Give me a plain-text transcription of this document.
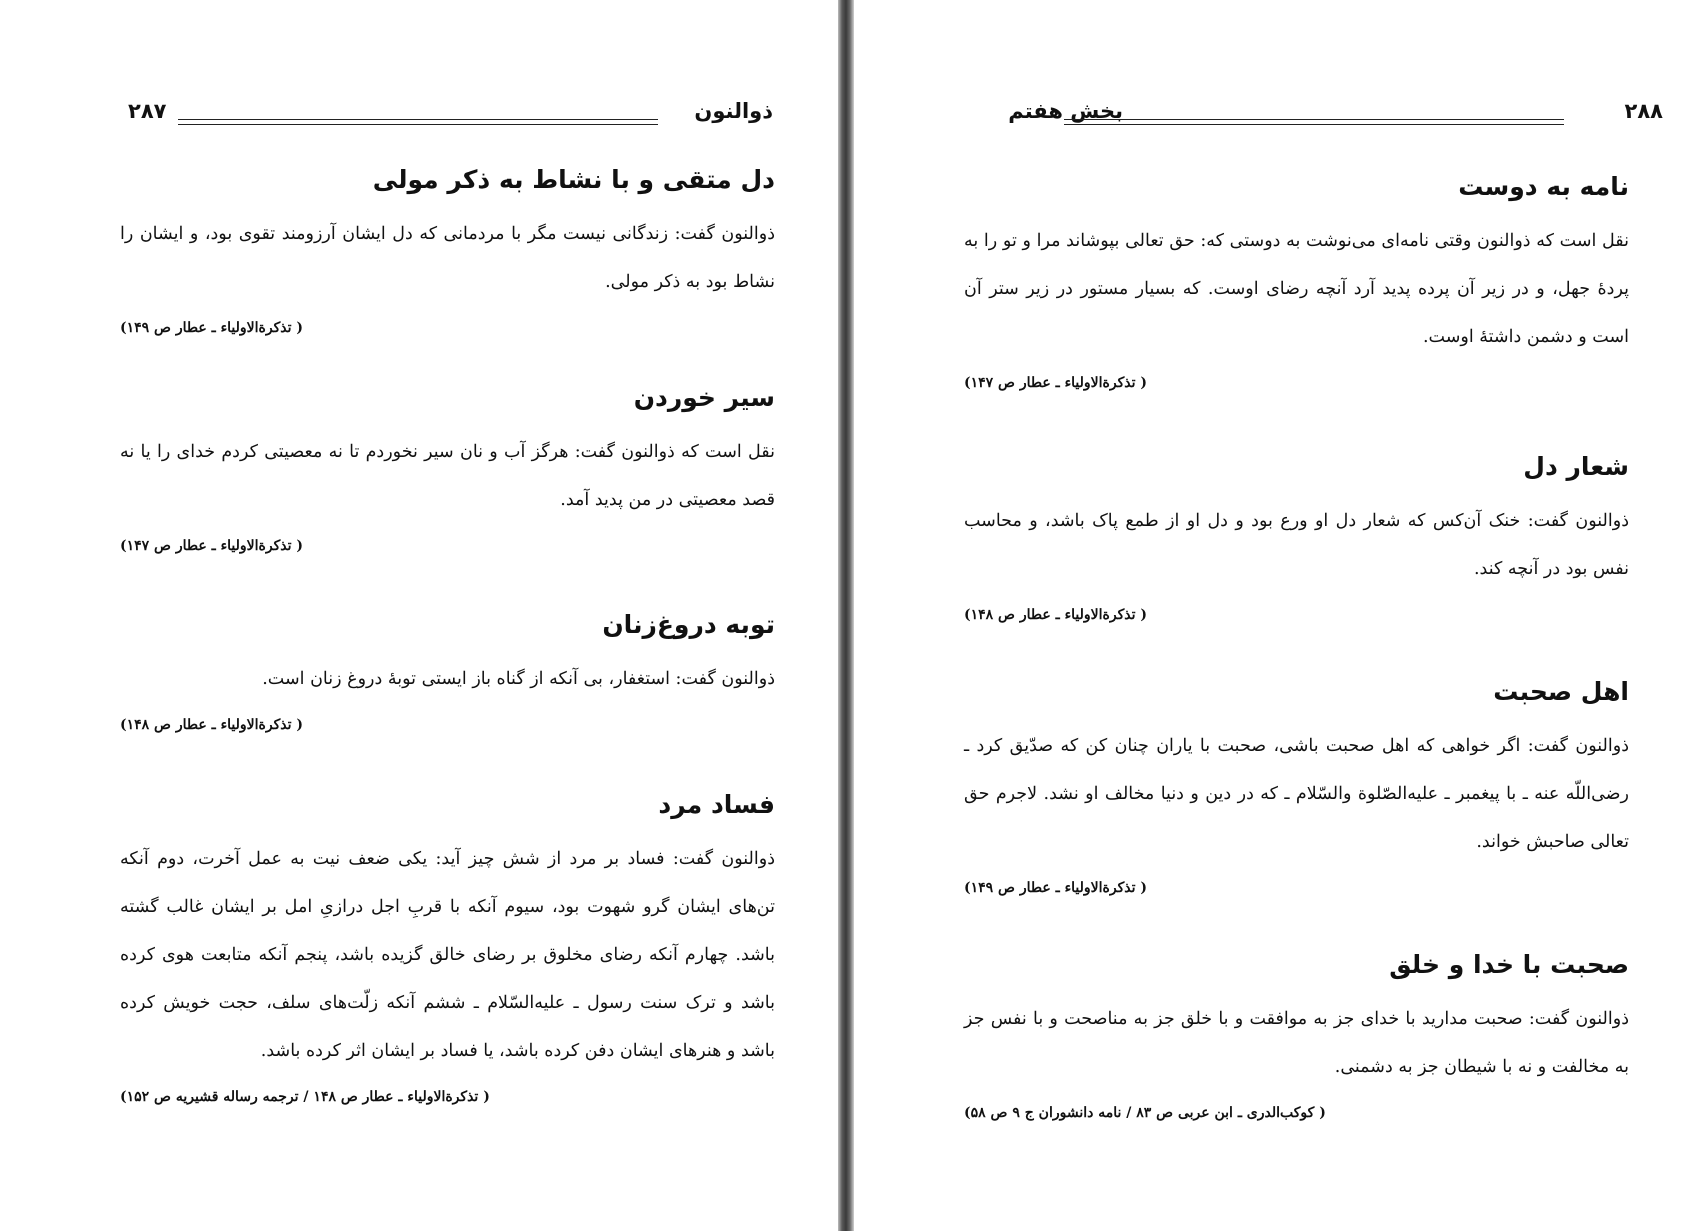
ذوالنون
۲۸۷
دل متقی و با نشاط به ذکر مولی

ذوالنون گفت: زندگانی نیست مگر با مردمانی که دل ایشان آرزومند تقوی بود، و ایشان را نشاط بود به ذکر مولی.

( تذکرةالاولیاء ـ عطار ص ۱۴۹)
سیر خوردن

نقل است که ذوالنون گفت: هرگز آب و نان سیر نخوردم تا نه معصیتی کردم خدای را یا نه قصد معصیتی در من پدید آمد.

( تذکرةالاولیاء ـ عطار ص ۱۴۷)
توبه دروغ‌زنان

ذوالنون گفت: استغفار، بی آنکه از گناه باز ایستی توبهٔ دروغ زنان است.

( تذکرةالاولیاء ـ عطار ص ۱۴۸)
فساد مرد

ذوالنون گفت: فساد بر مرد از شش چیز آید: یکی ضعف نیت به عمل آخرت، دوم آنکه تن‌های ایشان گرو شهوت بود، سیوم آنکه با قربِ اجل درازیِ امل بر ایشان غالب گشته باشد. چهارم آنکه رضای مخلوق بر رضای خالق گزیده باشد، پنجم آنکه متابعت هوی کرده باشد و ترک سنت رسول ـ علیه‌السّلام ـ ششم آنکه زلّت‌های سلف، حجت خویش کرده باشد و هنرهای ایشان دفن کرده باشد، یا فساد بر ایشان اثر کرده باشد.

( تذکرةالاولیاء ـ عطار ص ۱۴۸ / ترجمه رساله قشیریه ص ۱۵۲)
بخش هفتم	۲۸۸
نامه به دوست

نقل است که ذوالنون وقتی نامه‌ای می‌نوشت به دوستی که: حق تعالی بپوشاند مرا و تو را به پردهٔ جهل، و در زیر آن پرده پدید آرد آنچه رضای اوست. که بسیار مستور در زیر ستر آن است و دشمن داشتهٔ اوست.

( تذکرةالاولیاء ـ عطار ص ۱۴۷)
شعار دل

ذوالنون گفت: خنک آن‌کس که شعار دل او ورع بود و دل او از طمع پاک باشد، و محاسب نفس بود در آنچه کند.

( تذکرةالاولیاء ـ عطار ص ۱۴۸)
اهل صحبت

ذوالنون گفت: اگر خواهی که اهل صحبت باشی، صحبت با یاران چنان کن که صدّیق کرد ـ رضی‌اللّه عنه ـ با پیغمبر ـ علیه‌الصّلوة والسّلام ـ که در دین و دنیا مخالف او نشد. لاجرم حق تعالی صاحبش خواند.

( تذکرةالاولیاء ـ عطار ص ۱۴۹)
صحبت با خدا و خلق

ذوالنون گفت: صحبت مدارید با خدای جز به موافقت و با خلق جز به مناصحت و با نفس جز به مخالفت و نه با شیطان جز به دشمنی.

( کوکب‌الدری ـ ابن عربی ص ۸۳ / نامه دانشوران ج ۹ ص ۵۸)
